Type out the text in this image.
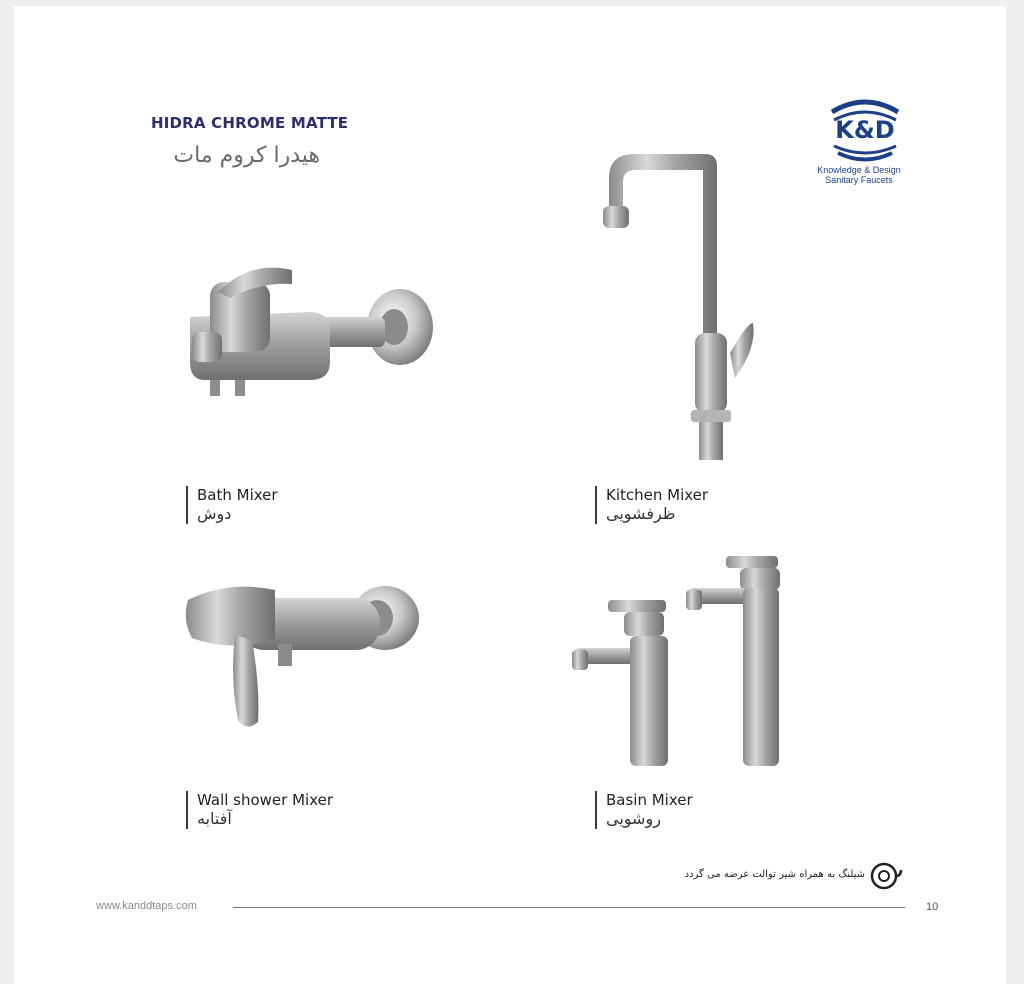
HIDRA CHROME MATTE
هیدرا کروم مات
K&D
Knowledge & Design
Sanitary Faucets
Bath Mixer
دوش
Kitchen Mixer
ظرفشویی
Wall shower Mixer
آفتابه
Basin Mixer
روشویی
شیلنگ به همراه شیر توالت عرضه می گردد
www.kanddtaps.com	10
